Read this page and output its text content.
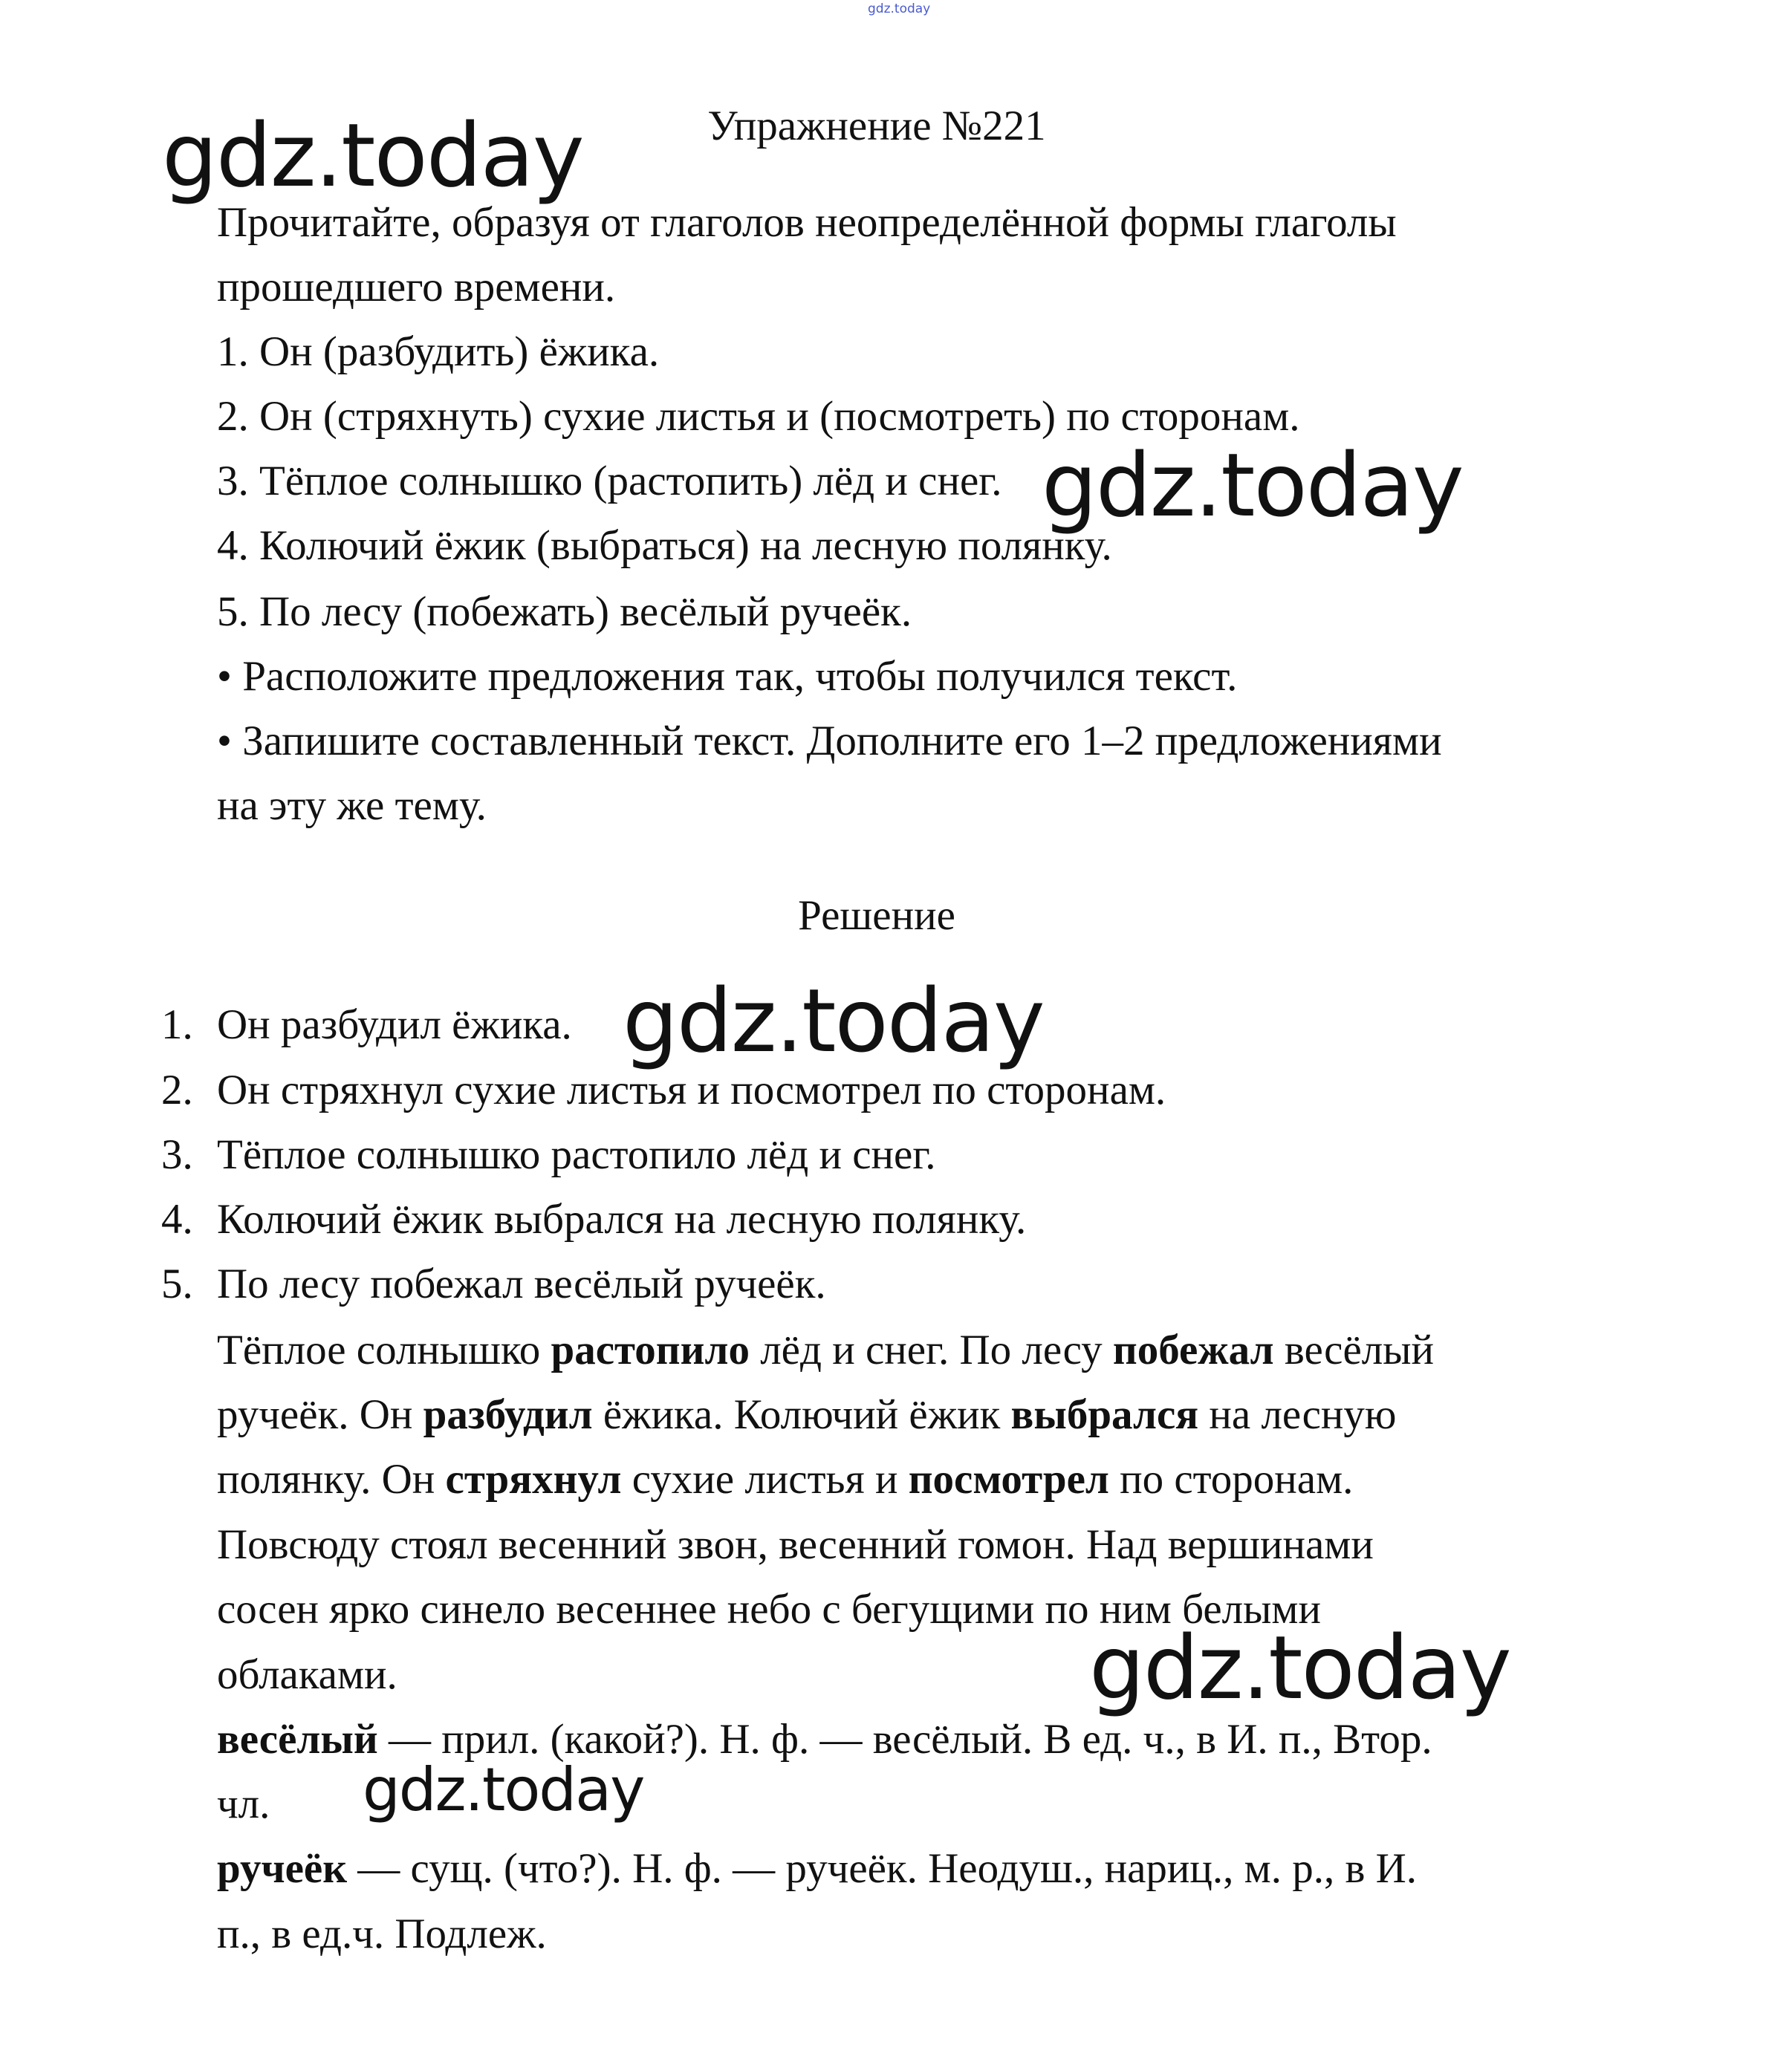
gdz.today
Упражнение №221
Прочитайте, образуя от глаголов неопределённой формы глаголы
прошедшего времени.
1. Он (разбудить) ёжика.
2. Он (стряхнуть) сухие листья и (посмотреть) по сторонам.
3. Тёплое солнышко (растопить) лёд и снег.
4. Колючий ёжик (выбраться) на лесную полянку.
5. По лесу (побежать) весёлый ручеёк.
• Расположите предложения так, чтобы получился текст.
• Запишите составленный текст. Дополните его 1–2 предложениями
на эту же тему.
Решение
1. Он разбудил ёжика.
2. Он стряхнул сухие листья и посмотрел по сторонам.
3. Тёплое солнышко растопило лёд и снег.
4. Колючий ёжик выбрался на лесную полянку.
5. По лесу побежал весёлый ручеёк.
Тёплое солнышко растопило лёд и снег. По лесу побежал весёлый
ручеёк. Он разбудил ёжика. Колючий ёжик выбрался на лесную
полянку. Он стряхнул сухие листья и посмотрел по сторонам.
Повсюду стоял весенний звон, весенний гомон. Над вершинами
сосен ярко синело весеннее небо с бегущими по ним белыми
облаками.
весёлый — прил. (какой?). Н. ф. — весёлый. В ед. ч., в И. п., Втор.
чл.
ручеёк — сущ. (что?). Н. ф. — ручеёк. Неодуш., нариц., м. р., в И.
п., в ед.ч. Подлеж.
gdz.today
gdz.today
gdz.today
gdz.today
gdz.today
